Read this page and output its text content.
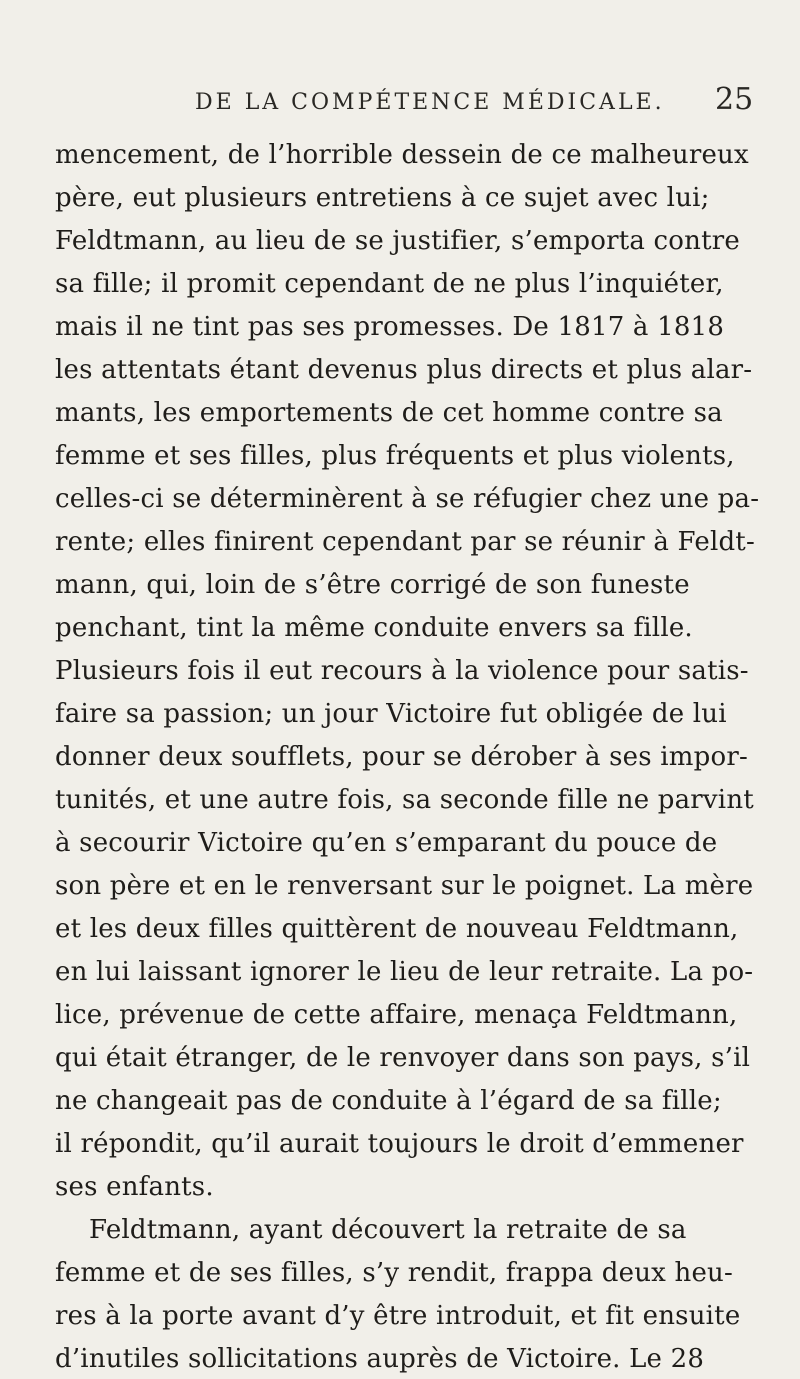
DE LA COMPÉTENCE MÉDICALE. 25
mencement, de l’horrible dessein de ce malheureux
père, eut plusieurs entretiens à ce sujet avec lui;
Feldtmann, au lieu de se justifier, s’emporta contre
sa fille; il promit cependant de ne plus l’inquiéter,
mais il ne tint pas ses promesses. De 1817 à 1818
les attentats étant devenus plus directs et plus alar-
mants, les emportements de cet homme contre sa
femme et ses filles, plus fréquents et plus violents,
celles-ci se déterminèrent à se réfugier chez une pa-
rente; elles finirent cependant par se réunir à Feldt-
mann, qui, loin de s’être corrigé de son funeste
penchant, tint la même conduite envers sa fille.
Plusieurs fois il eut recours à la violence pour satis-
faire sa passion; un jour Victoire fut obligée de lui
donner deux soufflets, pour se dérober à ses impor-
tunités, et une autre fois, sa seconde fille ne parvint
à secourir Victoire qu’en s’emparant du pouce de
son père et en le renversant sur le poignet. La mère
et les deux filles quittèrent de nouveau Feldtmann,
en lui laissant ignorer le lieu de leur retraite. La po-
lice, prévenue de cette affaire, menaça Feldtmann,
qui était étranger, de le renvoyer dans son pays, s’il
ne changeait pas de conduite à l’égard de sa fille;
il répondit, qu’il aurait toujours le droit d’emmener
ses enfants.
Feldtmann, ayant découvert la retraite de sa
femme et de ses filles, s’y rendit, frappa deux heu-
res à la porte avant d’y être introduit, et fit ensuite
d’inutiles sollicitations auprès de Victoire. Le 28
